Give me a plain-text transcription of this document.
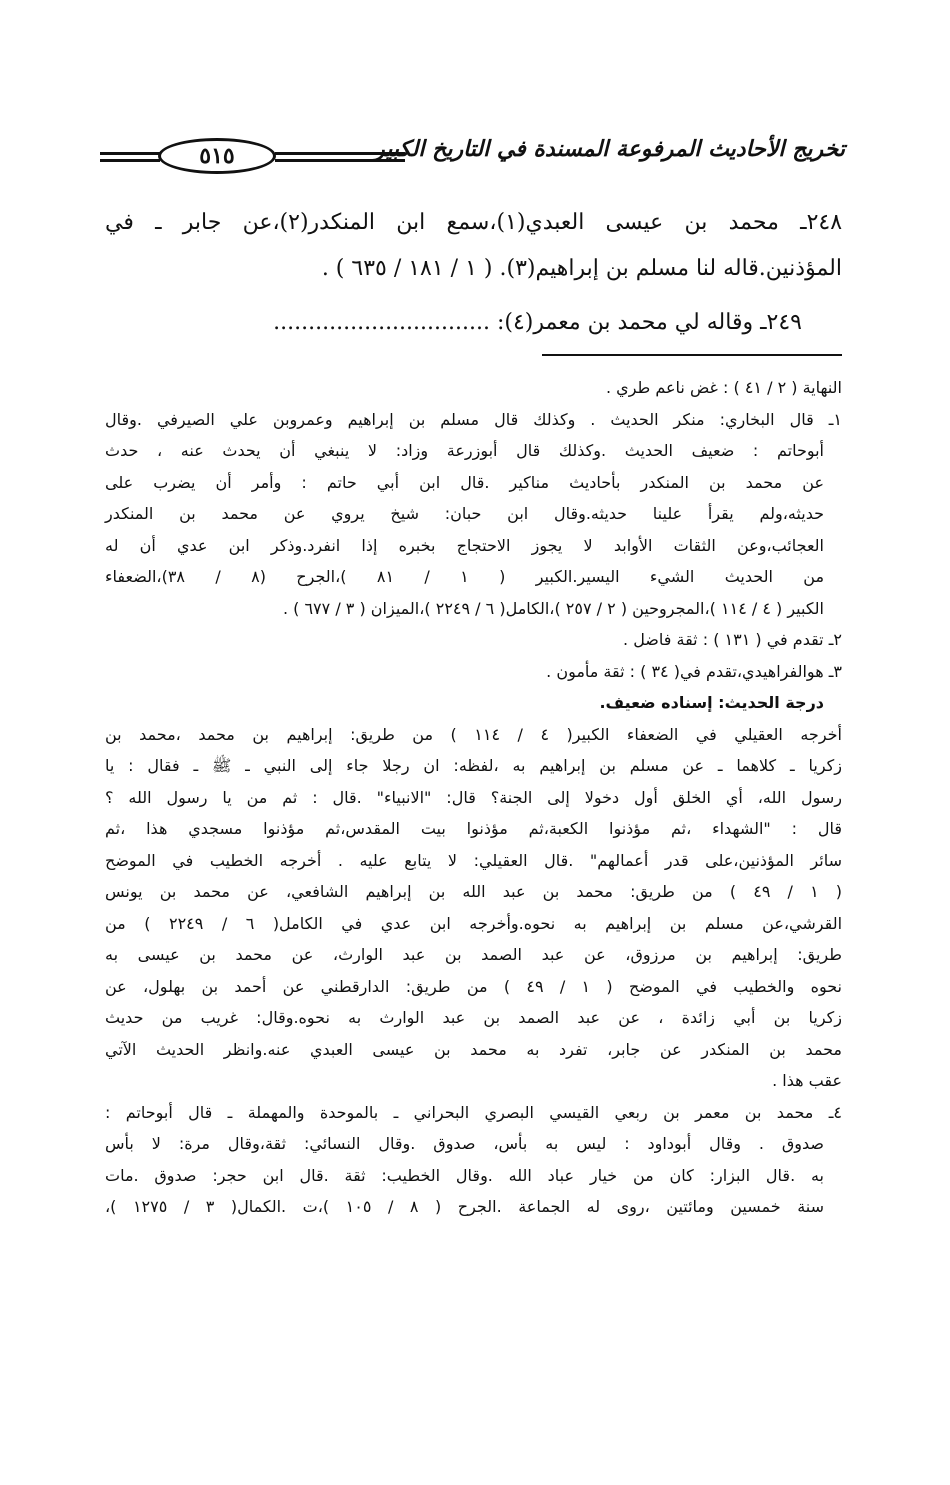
تخريج الأحاديث المرفوعة المسندة في التاريخ الكبير
٥١٥
٢٤٨ـ محمد بن عيسى العبدي(١)،سمع ابن المنكدر(٢)،عن جابر ـ في
المؤذنين.قاله لنا مسلم بن إبراهيم(٣). ( ١ / ١٨١ / ٦٣٥ ) .
٢٤٩ـ وقاله لي محمد بن معمر(٤): ...............................
النهاية ( ٢ / ٤١ ) : غض ناعم طري .
١ـ قال البخاري: منكر الحديث . وكذلك قال مسلم بن إبراهيم وعمروبن علي الصيرفي .وقال
أبوحاتم : ضعيف الحديث .وكذلك قال أبوزرعة وزاد: لا ينبغي أن يحدث عنه ، حدث
عن محمد بن المنكدر بأحاديث مناكير .قال ابن أبي حاتم : وأمر أن يضرب على
حديثه،ولم يقرأ علينا حديثه.وقال ابن حبان: شيخ يروي عن محمد بن المنكدر
العجائب،وعن الثقات الأوابد لا يجوز الاحتجاج بخبره إذا انفرد.وذكر ابن عدي أن له
من الحديث الشيء اليسير.الكبير ( ١ / ٨١ )،الجرح (٨ / ٣٨)،الضعفاء
الكبير ( ٤ / ١١٤ )،المجروحين ( ٢ / ٢٥٧ )،الكامل( ٦ / ٢٢٤٩ )،الميزان ( ٣ / ٦٧٧ ) .
٢ـ تقدم في ( ١٣١ ) : ثقة فاضل .
٣ـ هوالفراهيدي،تقدم في( ٣٤ ) : ثقة مأمون .
درجة الحديث: إسناده ضعيف.
أخرجه العقيلي في الضعفاء الكبير( ٤ / ١١٤ ) من طريق: إبراهيم بن محمد ،محمد بن
زكريا ـ كلاهما ـ عن مسلم بن إبراهيم به ،لفظه: ان رجلا جاء إلى النبي ـ ﷺ ـ فقال : يا
رسول الله، أي الخلق أول دخولا إلى الجنة؟ قال: "الانبياء" .قال : ثم من يا رسول الله ؟
قال : "الشهداء ،ثم مؤذنوا الكعبة،ثم مؤذنوا بيت المقدس،ثم مؤذنوا مسجدي هذا ،ثم
سائر المؤذنين،على قدر أعمالهم" .قال العقيلي: لا يتابع عليه . أخرجه الخطيب في الموضح
( ١ / ٤٩ ) من طريق: محمد بن عبد الله بن إبراهيم الشافعي، عن محمد بن يونس
القرشي،عن مسلم بن إبراهيم به نحوه.وأخرجه ابن عدي في الكامل( ٦ / ٢٢٤٩ ) من
طريق: إبراهيم بن مرزوق، عن عبد الصمد بن عبد الوارث، عن محمد بن عيسى به
نحوه والخطيب في الموضح ( ١ / ٤٩ ) من طريق: الدارقطني عن أحمد بن بهلول، عن
زكريا بن أبي زائدة ، عن عبد الصمد بن عبد الوارث به نحوه.وقال: غريب من حديث
محمد بن المنكدر عن جابر، تفرد به محمد بن عيسى العبدي عنه.وانظر الحديث الآتي
عقب هذا .
٤ـ محمد بن معمر بن ربعي القيسي البصري البحراني ـ بالموحدة والمهملة ـ قال أبوحاتم :
صدوق . وقال أبوداود : ليس به بأس، صدوق .وقال النسائي: ثقة،وقال مرة: لا بأس
به .قال البزار: كان من خيار عباد الله .وقال الخطيب: ثقة .قال ابن حجر: صدوق .مات
سنة خمسين ومائتين ،روى له الجماعة .الجرح ( ٨ / ١٠٥ )،ت .الكمال( ٣ / ١٢٧٥ )،
